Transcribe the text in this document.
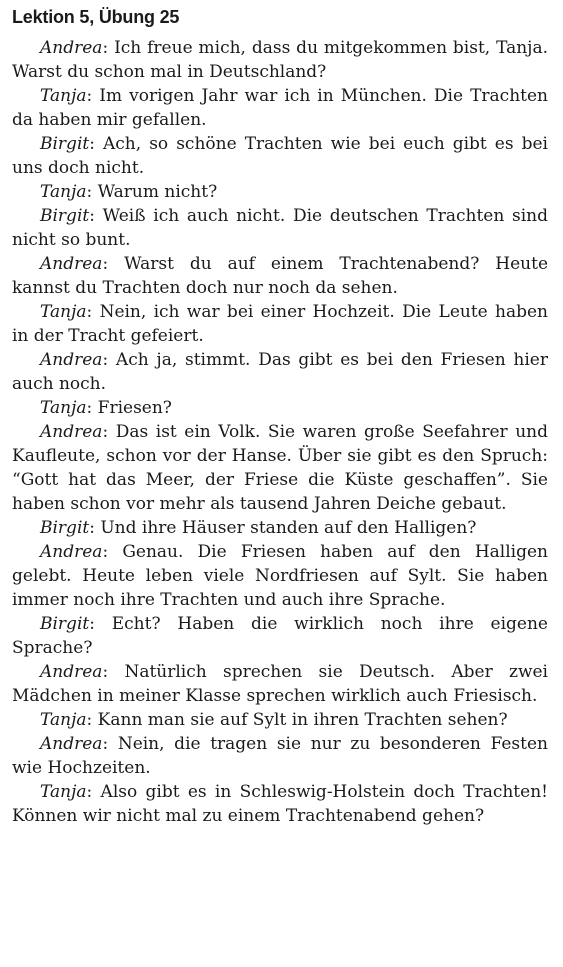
Lektion 5, Übung 25

Andrea: Ich freue mich, dass du mitgekommen bist, Tanja. Warst du schon mal in Deutschland?

Tanja: Im vorigen Jahr war ich in München. Die Trachten da haben mir gefallen.

Birgit: Ach, so schöne Trachten wie bei euch gibt es bei uns doch nicht.

Tanja: Warum nicht?

Birgit: Weiß ich auch nicht. Die deutschen Trachten sind nicht so bunt.

Andrea: Warst du auf einem Trachtenabend? Heute kannst du Trachten doch nur noch da sehen.

Tanja: Nein, ich war bei einer Hochzeit. Die Leute haben in der Tracht gefeiert.

Andrea: Ach ja, stimmt. Das gibt es bei den Friesen hier auch noch.

Tanja: Friesen?

Andrea: Das ist ein Volk. Sie waren große Seefahrer und Kaufleute, schon vor der Hanse. Über sie gibt es den Spruch: “Gott hat das Meer, der Friese die Küste geschaffen”. Sie haben schon vor mehr als tausend Jahren Deiche gebaut.

Birgit: Und ihre Häuser standen auf den Halligen?

Andrea: Genau. Die Friesen haben auf den Halligen gelebt. Heute leben viele Nordfriesen auf Sylt. Sie haben immer noch ihre Trachten und auch ihre Sprache.

Birgit: Echt? Haben die wirklich noch ihre eigene Sprache?

Andrea: Natürlich sprechen sie Deutsch. Aber zwei Mädchen in meiner Klasse sprechen wirklich auch Friesisch.

Tanja: Kann man sie auf Sylt in ihren Trachten sehen?

Andrea: Nein, die tragen sie nur zu besonderen Festen wie Hochzeiten.

Tanja: Also gibt es in Schleswig-Holstein doch Trachten! Können wir nicht mal zu einem Trachtenabend gehen?
